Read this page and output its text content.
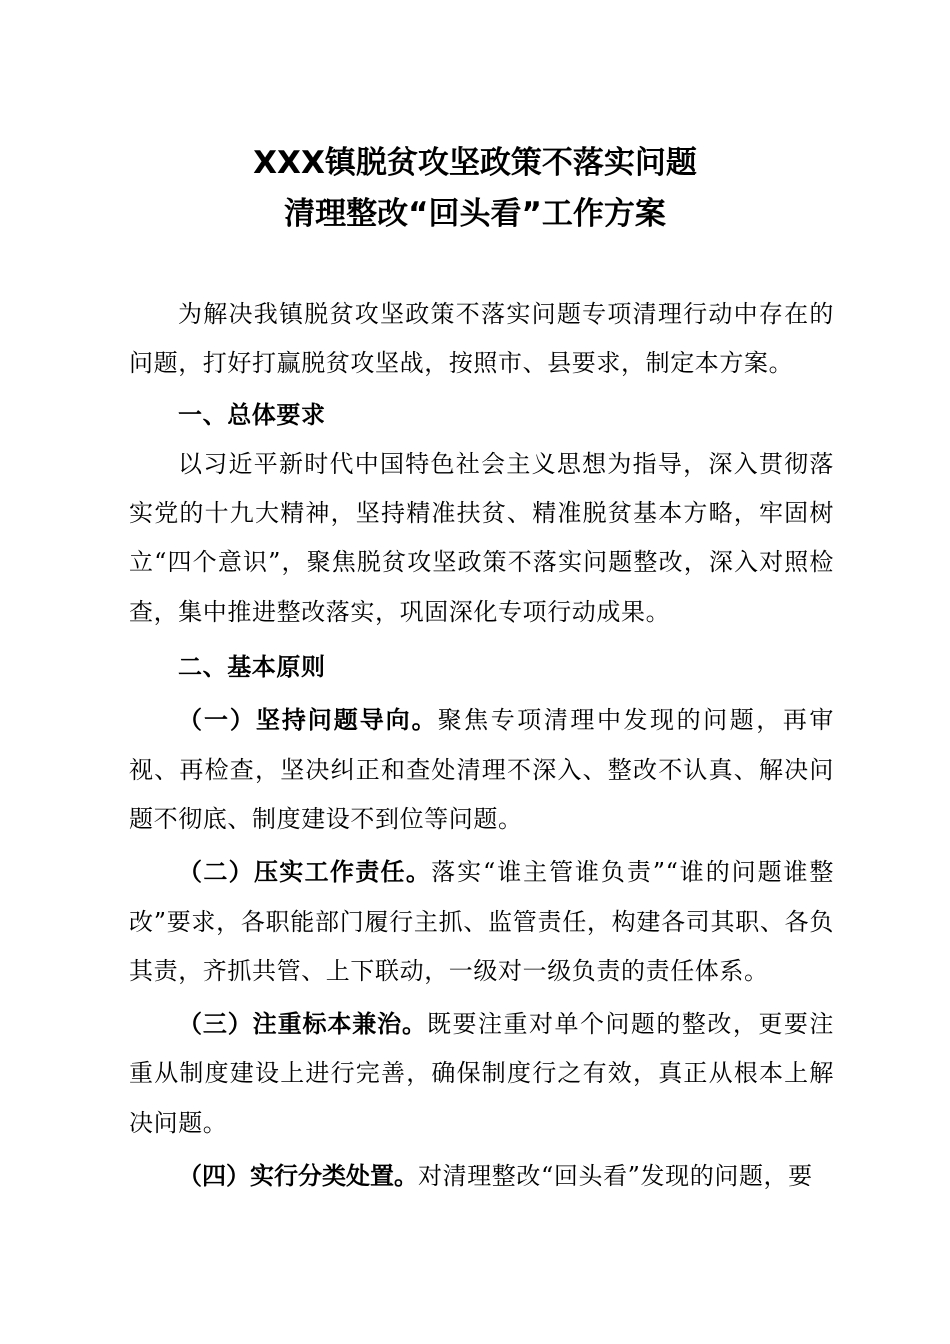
XXX镇脱贫攻坚政策不落实问题
清理整改“回头看”工作方案

为解决我镇脱贫攻坚政策不落实问题专项清理行动中存在的问题，打好打赢脱贫攻坚战，按照市、县要求，制定本方案。

一、总体要求

以习近平新时代中国特色社会主义思想为指导，深入贯彻落实党的十九大精神，坚持精准扶贫、精准脱贫基本方略，牢固树立“四个意识”，聚焦脱贫攻坚政策不落实问题整改，深入对照检查，集中推进整改落实，巩固深化专项行动成果。

二、基本原则

（一）坚持问题导向。聚焦专项清理中发现的问题，再审视、再检查，坚决纠正和查处清理不深入、整改不认真、解决问题不彻底、制度建设不到位等问题。

（二）压实工作责任。落实“谁主管谁负责”“谁的问题谁整改”要求，各职能部门履行主抓、监管责任，构建各司其职、各负其责，齐抓共管、上下联动，一级对一级负责的责任体系。

（三）注重标本兼治。既要注重对单个问题的整改，更要注重从制度建设上进行完善，确保制度行之有效，真正从根本上解决问题。

（四）实行分类处置。对清理整改“回头看”发现的问题，要
